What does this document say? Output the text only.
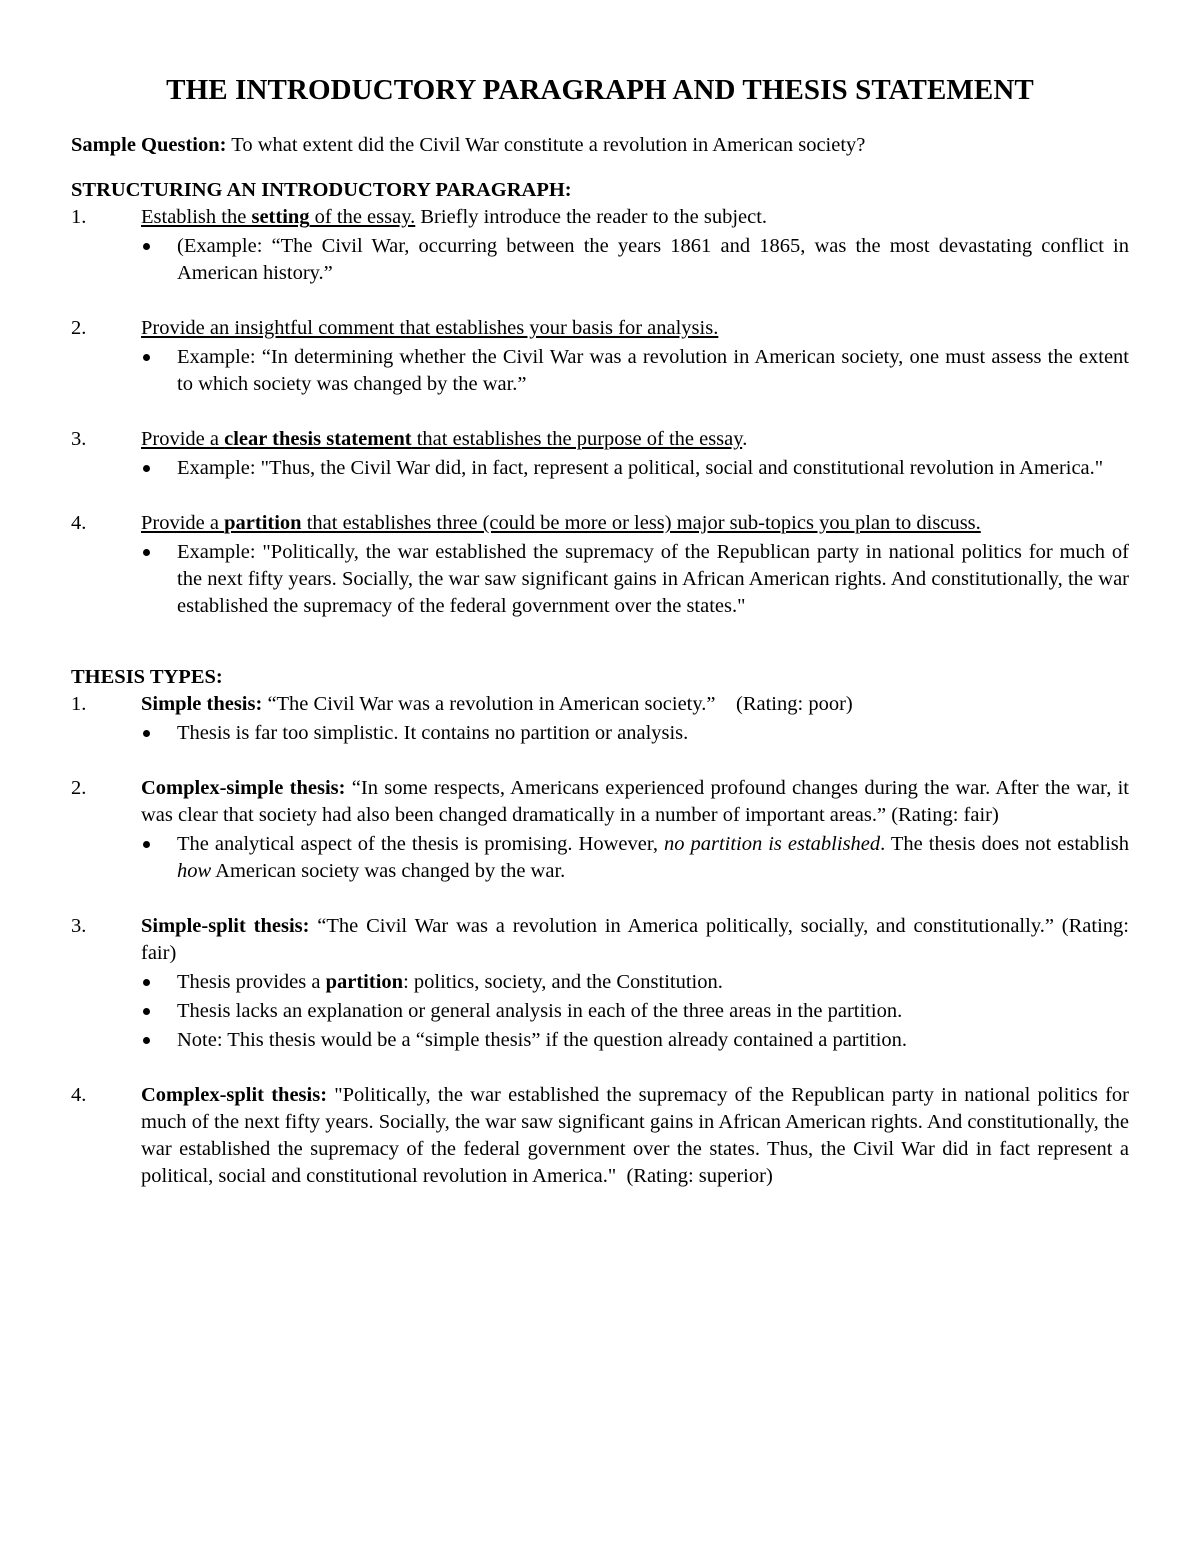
THE INTRODUCTORY PARAGRAPH AND THESIS STATEMENT

Sample Question: To what extent did the Civil War constitute a revolution in American society?

STRUCTURING AN INTRODUCTORY PARAGRAPH:

1.	Establish the setting of the essay. Briefly introduce the reader to the subject.
(Example: “The Civil War, occurring between the years 1861 and 1865, was the most devastating conflict in American history.”
2.	Provide an insightful comment that establishes your basis for analysis.
Example: “In determining whether the Civil War was a revolution in American society, one must assess the extent to which society was changed by the war.”
3.	Provide a clear thesis statement that establishes the purpose of the essay.
Example: "Thus, the Civil War did, in fact, represent a political, social and constitutional revolution in America."
4.	Provide a partition that establishes three (could be more or less) major sub-topics you plan to discuss.
Example: "Politically, the war established the supremacy of the Republican party in national politics for much of the next fifty years. Socially, the war saw significant gains in African American rights. And constitutionally, the war established the supremacy of the federal government over the states."

THESIS TYPES:

1.	Simple thesis: “The Civil War was a revolution in American society.”    (Rating: poor)
Thesis is far too simplistic. It contains no partition or analysis.
2.	Complex-simple thesis: “In some respects, Americans experienced profound changes during the war. After the war, it was clear that society had also been changed dramatically in a number of important areas.” (Rating: fair)
The analytical aspect of the thesis is promising. However, no partition is established. The thesis does not establish how American society was changed by the war.
3.	Simple-split thesis: “The Civil War was a revolution in America politically, socially, and constitutionally.” (Rating: fair)
Thesis provides a partition: politics, society, and the Constitution.
Thesis lacks an explanation or general analysis in each of the three areas in the partition.
Note: This thesis would be a “simple thesis” if the question already contained a partition.
4.	Complex-split thesis: "Politically, the war established the supremacy of the Republican party in national politics for much of the next fifty years. Socially, the war saw significant gains in African American rights. And constitutionally, the war established the supremacy of the federal government over the states. Thus, the Civil War did in fact represent a political, social and constitutional revolution in America."  (Rating: superior)
